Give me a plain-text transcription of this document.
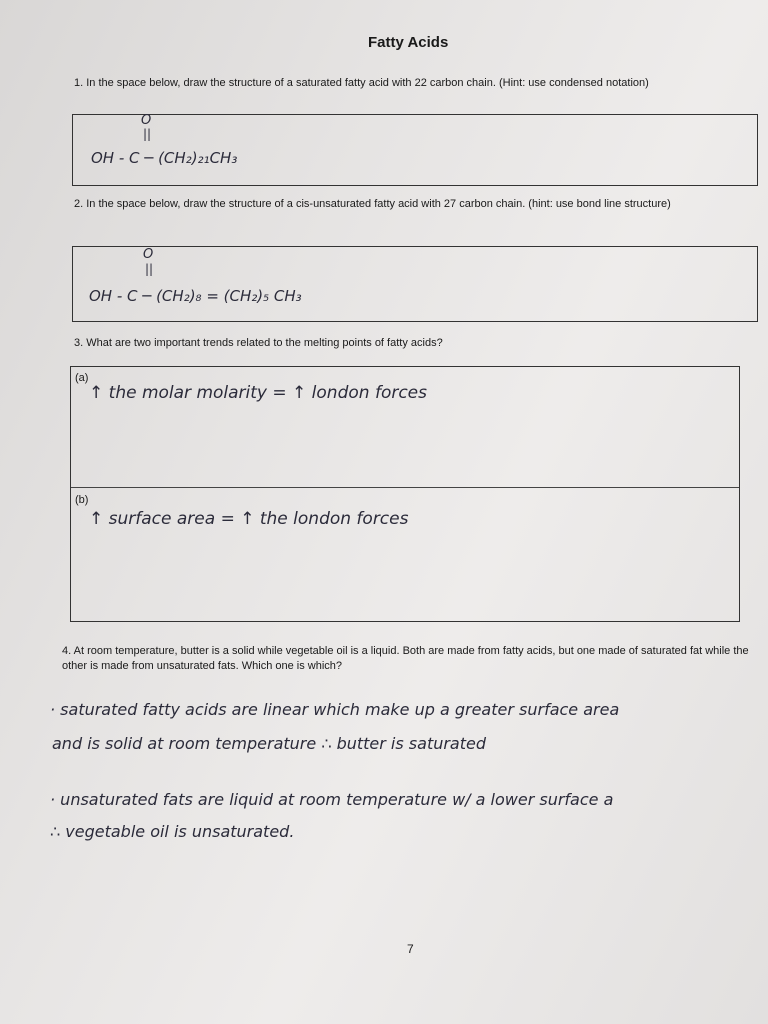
Fatty Acids
1. In the space below, draw the structure of a saturated fatty acid with 22 carbon chain. (Hint: use condensed notation)
O
||
OH - C ─ (CH₂)₂₁CH₃
2. In the space below, draw the structure of a cis-unsaturated fatty acid with 27 carbon chain. (hint: use bond line structure)
O
||
OH - C ─ (CH₂)₈ = (CH₂)₅ CH₃
3. What are two important trends related to the melting points of fatty acids?
(a)
↑ the molar molarity = ↑ london forces
(b)
↑ surface area = ↑ the london forces
4. At room temperature, butter is a solid while vegetable oil is a liquid. Both are made from fatty acids, but one made of saturated fat while the other is made from unsaturated fats. Which one is which?
· saturated fatty acids are linear which make up a greater surface area
and is solid at room temperature ∴ butter is saturated
· unsaturated fats are liquid at room temperature w/ a lower surface a
∴ vegetable oil is unsaturated.
7
